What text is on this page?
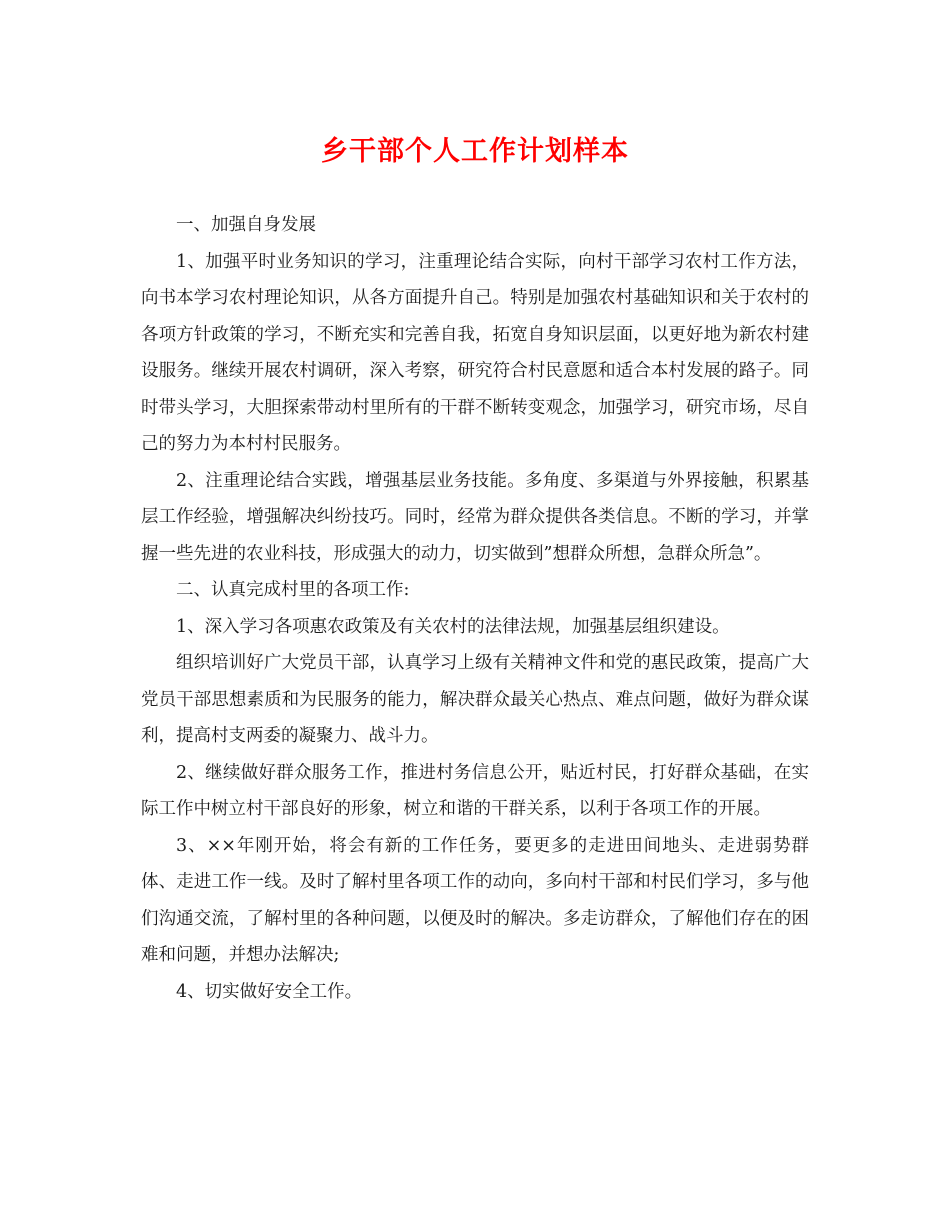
乡干部个人工作计划样本

一、加强自身发展

1、加强平时业务知识的学习，注重理论结合实际，向村干部学习农村工作方法，向书本学习农村理论知识，从各方面提升自己。特别是加强农村基础知识和关于农村的各项方针政策的学习，不断充实和完善自我，拓宽自身知识层面，以更好地为新农村建设服务。继续开展农村调研，深入考察，研究符合村民意愿和适合本村发展的路子。同时带头学习，大胆探索带动村里所有的干群不断转变观念，加强学习，研究市场，尽自己的努力为本村村民服务。

2、注重理论结合实践，增强基层业务技能。多角度、多渠道与外界接触，积累基层工作经验，增强解决纠纷技巧。同时，经常为群众提供各类信息。不断的学习，并掌握一些先进的农业科技，形成强大的动力，切实做到”想群众所想，急群众所急”。

二、认真完成村里的各项工作:

1、深入学习各项惠农政策及有关农村的法律法规，加强基层组织建设。

组织培训好广大党员干部，认真学习上级有关精神文件和党的惠民政策，提高广大党员干部思想素质和为民服务的能力，解决群众最关心热点、难点问题，做好为群众谋利，提高村支两委的凝聚力、战斗力。

2、继续做好群众服务工作，推进村务信息公开，贴近村民，打好群众基础，在实际工作中树立村干部良好的形象，树立和谐的干群关系，以利于各项工作的开展。

3、××年刚开始，将会有新的工作任务，要更多的走进田间地头、走进弱势群体、走进工作一线。及时了解村里各项工作的动向，多向村干部和村民们学习，多与他们沟通交流，了解村里的各种问题，以便及时的解决。多走访群众，了解他们存在的困难和问题，并想办法解决;

4、切实做好安全工作。
